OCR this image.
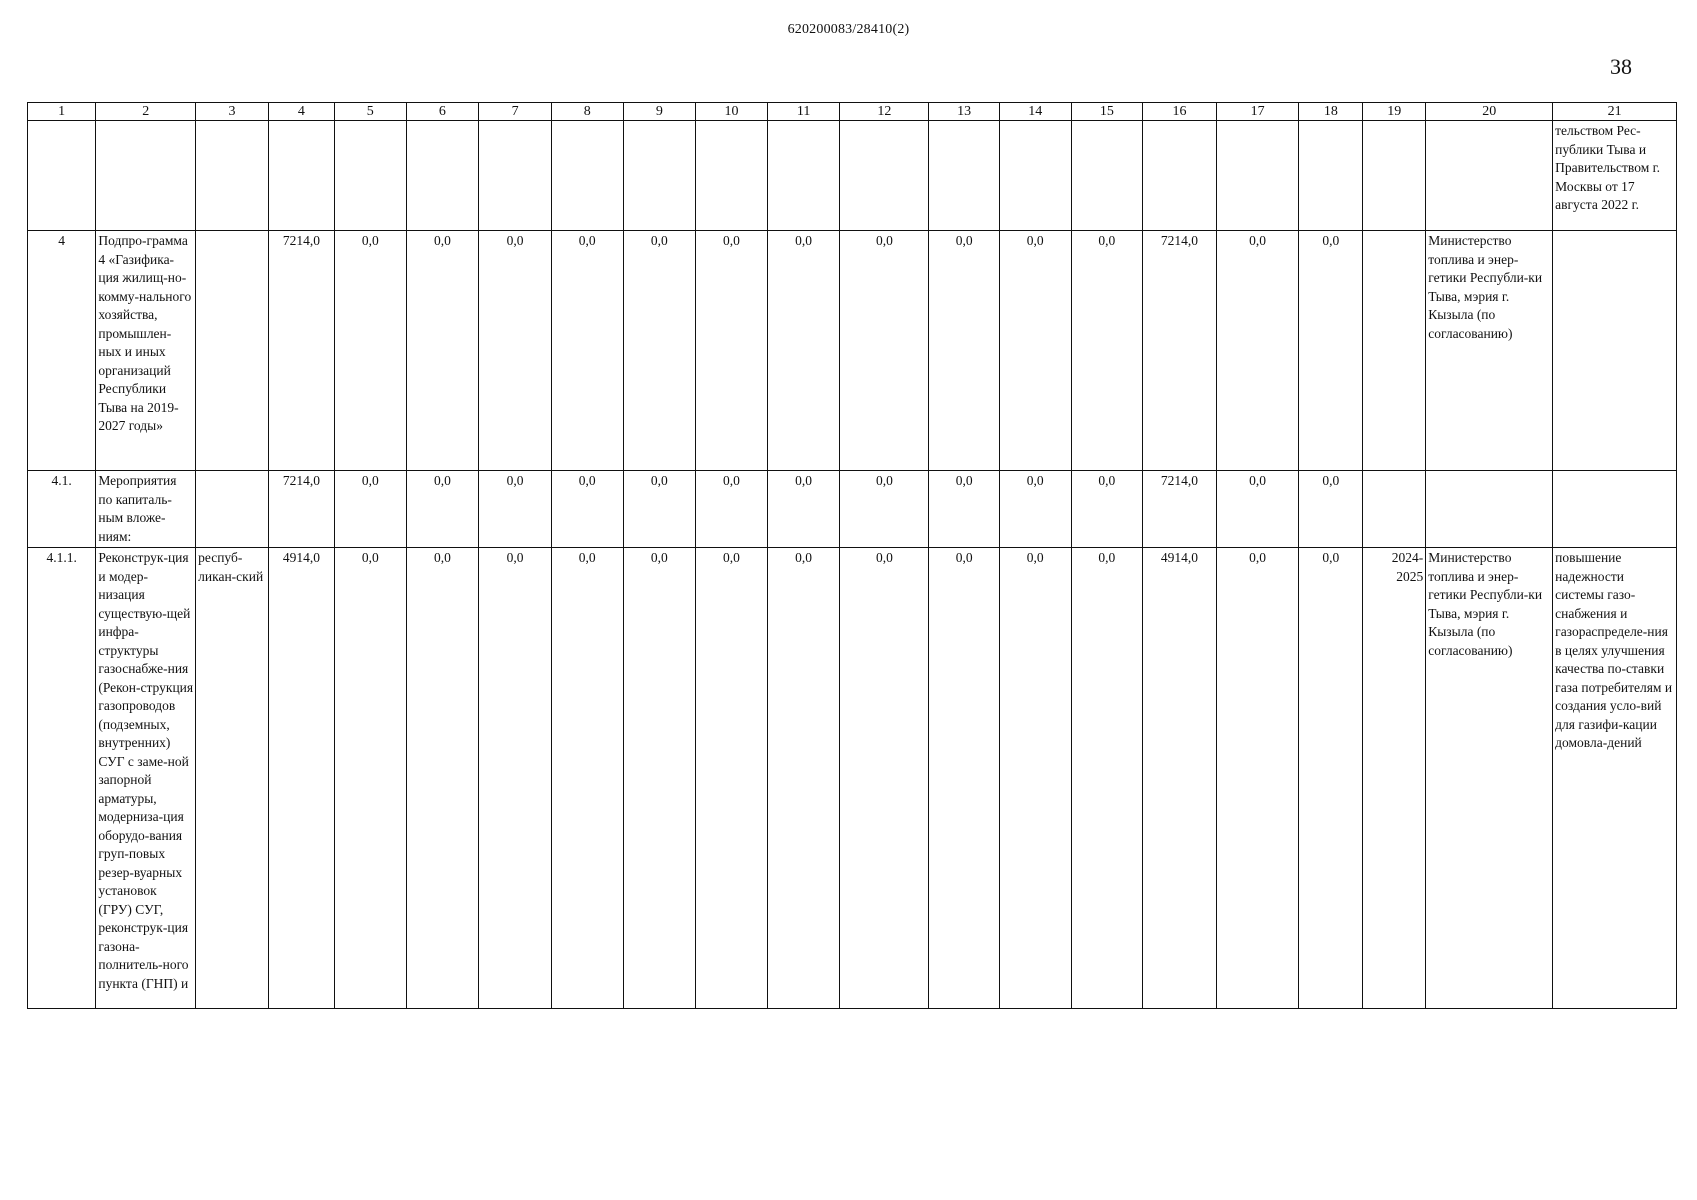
620200083/28410(2)
38
1	2	3	4	5	6	7	8	9	10	11	12	13	14	15	16	17	18	19	20	21
																				тельством Рес-публики Тыва и Правительством г. Москвы от 17 августа 2022 г.
4	Подпро-грамма 4 «Газифика-ция жилищ-но-комму-нального хозяйства, промышлен-ных и иных организаций Республики Тыва на 2019-2027 годы»		7214,0	0,0	0,0	0,0	0,0	0,0	0,0	0,0	0,0	0,0	0,0	0,0	7214,0	0,0	0,0		Министерство топлива и энер-гетики Республи-ки Тыва, мэрия г. Кызыла (по согласованию)	
4.1.	Мероприятия по капиталь-ным вложе-ниям:		7214,0	0,0	0,0	0,0	0,0	0,0	0,0	0,0	0,0	0,0	0,0	0,0	7214,0	0,0	0,0			
4.1.1.	Реконструк-ция и модер-низация существую-щей инфра-структуры газоснабже-ния (Рекон-струкция газопроводов (подземных, внутренних) СУГ с заме-ной запорной арматуры, модерниза-ция оборудо-вания груп-повых резер-вуарных установок (ГРУ) СУГ, реконструк-ция газона-полнитель-ного пункта (ГНП) и	респуб-ликан-ский	4914,0	0,0	0,0	0,0	0,0	0,0	0,0	0,0	0,0	0,0	0,0	0,0	4914,0	0,0	0,0	2024-2025	Министерство топлива и энер-гетики Республи-ки Тыва, мэрия г. Кызыла (по согласованию)	повышение надежности системы газо-снабжения и газораспределе-ния в целях улучшения качества по-ставки газа потребителям и создания усло-вий для газифи-кации домовла-дений
